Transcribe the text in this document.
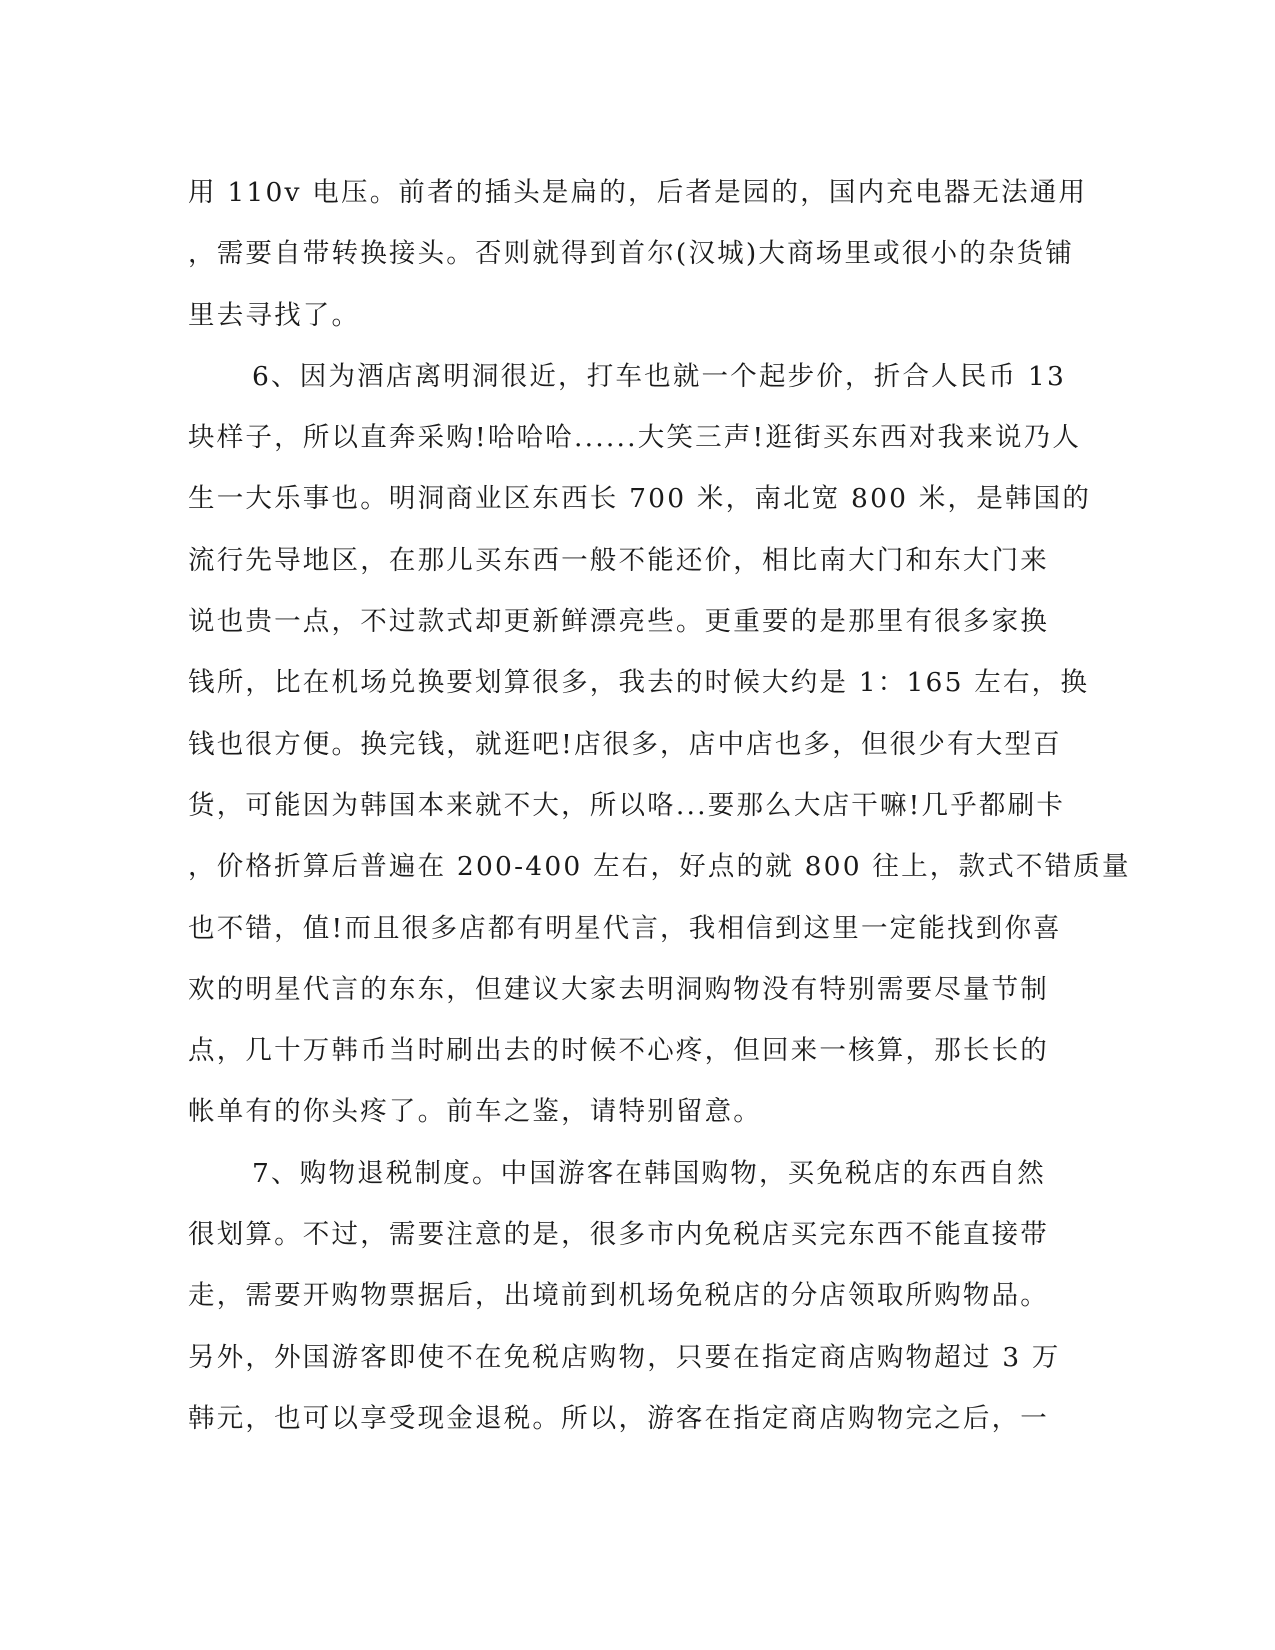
用 110v 电压。前者的插头是扁的，后者是园的，国内充电器无法通用
，需要自带转换接头。否则就得到首尔(汉城)大商场里或很小的杂货铺
里去寻找了。
6、因为酒店离明洞很近，打车也就一个起步价，折合人民币 13
块样子，所以直奔采购!哈哈哈......大笑三声!逛街买东西对我来说乃人
生一大乐事也。明洞商业区东西长 700 米，南北宽 800 米，是韩国的
流行先导地区，在那儿买东西一般不能还价，相比南大门和东大门来
说也贵一点，不过款式却更新鲜漂亮些。更重要的是那里有很多家换
钱所，比在机场兑换要划算很多，我去的时候大约是 1：165 左右，换
钱也很方便。换完钱，就逛吧!店很多，店中店也多，但很少有大型百
货，可能因为韩国本来就不大，所以咯...要那么大店干嘛!几乎都刷卡
，价格折算后普遍在 200-400 左右，好点的就 800 往上，款式不错质量
也不错，值!而且很多店都有明星代言，我相信到这里一定能找到你喜
欢的明星代言的东东，但建议大家去明洞购物没有特别需要尽量节制
点，几十万韩币当时刷出去的时候不心疼，但回来一核算，那长长的
帐单有的你头疼了。前车之鉴，请特别留意。
7、购物退税制度。中国游客在韩国购物，买免税店的东西自然
很划算。不过，需要注意的是，很多市内免税店买完东西不能直接带
走，需要开购物票据后，出境前到机场免税店的分店领取所购物品。
另外，外国游客即使不在免税店购物，只要在指定商店购物超过 3 万
韩元，也可以享受现金退税。所以，游客在指定商店购物完之后，一
